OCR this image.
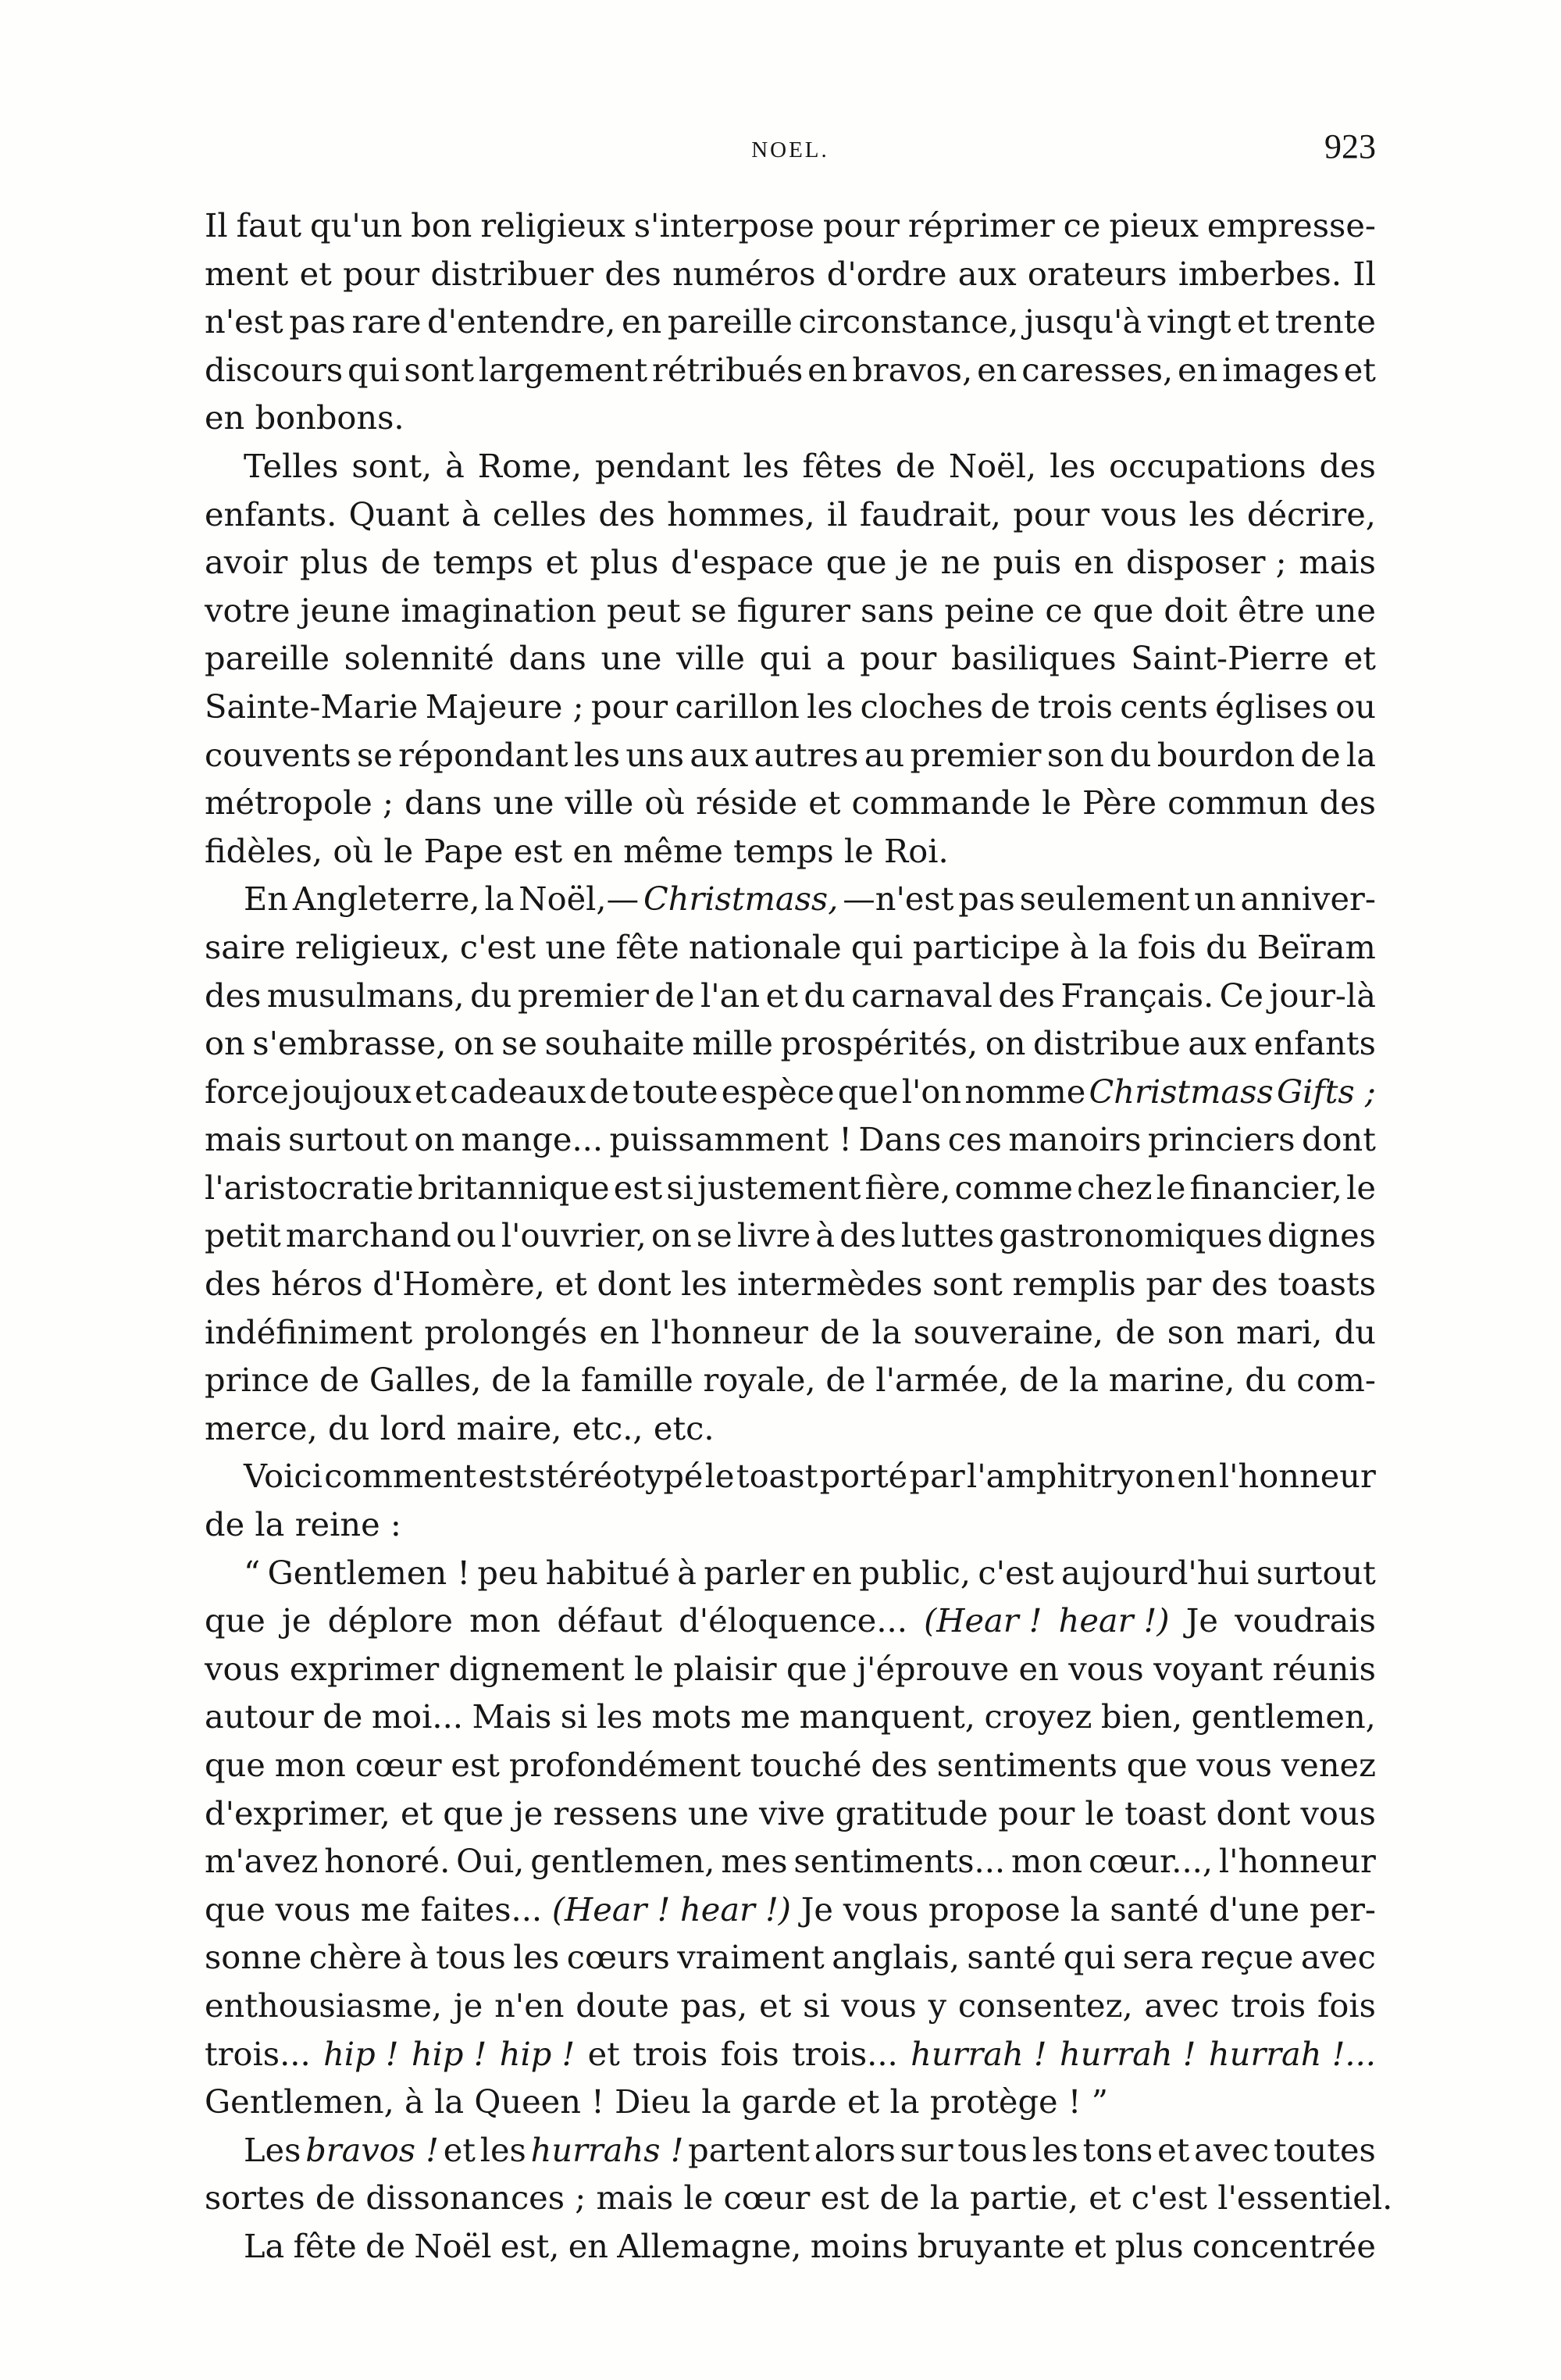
NOEL.	923
Il faut qu'un bon religieux s'interpose pour réprimer ce pieux empresse-
ment et pour distribuer des numéros d'ordre aux orateurs imberbes. Il
n'est pas rare d'entendre, en pareille circonstance, jusqu'à vingt et trente
discours qui sont largement rétribués en bravos, en caresses, en images et
en bonbons.
Telles sont, à Rome, pendant les fêtes de Noël, les occupations des
enfants. Quant à celles des hommes, il faudrait, pour vous les décrire,
avoir plus de temps et plus d'espace que je ne puis en disposer ; mais
votre jeune imagination peut se figurer sans peine ce que doit être une
pareille solennité dans une ville qui a pour basiliques Saint-Pierre et
Sainte-Marie Majeure ; pour carillon les cloches de trois cents églises ou
couvents se répondant les uns aux autres au premier son du bourdon de la
métropole ; dans une ville où réside et commande le Père commun des
fidèles, où le Pape est en même temps le Roi.
En Angleterre, la Noël,— Christmass, —n'est pas seulement un anniver-
saire religieux, c'est une fête nationale qui participe à la fois du Beïram
des musulmans, du premier de l'an et du carnaval des Français. Ce jour-là
on s'embrasse, on se souhaite mille prospérités, on distribue aux enfants
force joujoux et cadeaux de toute espèce que l'on nomme Christmass Gifts ;
mais surtout on mange... puissamment ! Dans ces manoirs princiers dont
l'aristocratie britannique est si justement fière, comme chez le financier, le
petit marchand ou l'ouvrier, on se livre à des luttes gastronomiques dignes
des héros d'Homère, et dont les intermèdes sont remplis par des toasts
indéfiniment prolongés en l'honneur de la souveraine, de son mari, du
prince de Galles, de la famille royale, de l'armée, de la marine, du com-
merce, du lord maire, etc., etc.
Voici comment est stéréotypé le toast porté par l'amphitryon en l'honneur
de la reine :
“ Gentlemen ! peu habitué à parler en public, c'est aujourd'hui surtout
que je déplore mon défaut d'éloquence... (Hear ! hear !) Je voudrais
vous exprimer dignement le plaisir que j'éprouve en vous voyant réunis
autour de moi... Mais si les mots me manquent, croyez bien, gentlemen,
que mon cœur est profondément touché des sentiments que vous venez
d'exprimer, et que je ressens une vive gratitude pour le toast dont vous
m'avez honoré. Oui, gentlemen, mes sentiments... mon cœur..., l'honneur
que vous me faites... (Hear ! hear !) Je vous propose la santé d'une per-
sonne chère à tous les cœurs vraiment anglais, santé qui sera reçue avec
enthousiasme, je n'en doute pas, et si vous y consentez, avec trois fois
trois... hip ! hip ! hip ! et trois fois trois... hurrah ! hurrah ! hurrah !...
Gentlemen, à la Queen ! Dieu la garde et la protège ! ”
Les bravos ! et les hurrahs ! partent alors sur tous les tons et avec toutes
sortes de dissonances ; mais le cœur est de la partie, et c'est l'essentiel.
La fête de Noël est, en Allemagne, moins bruyante et plus concentrée
